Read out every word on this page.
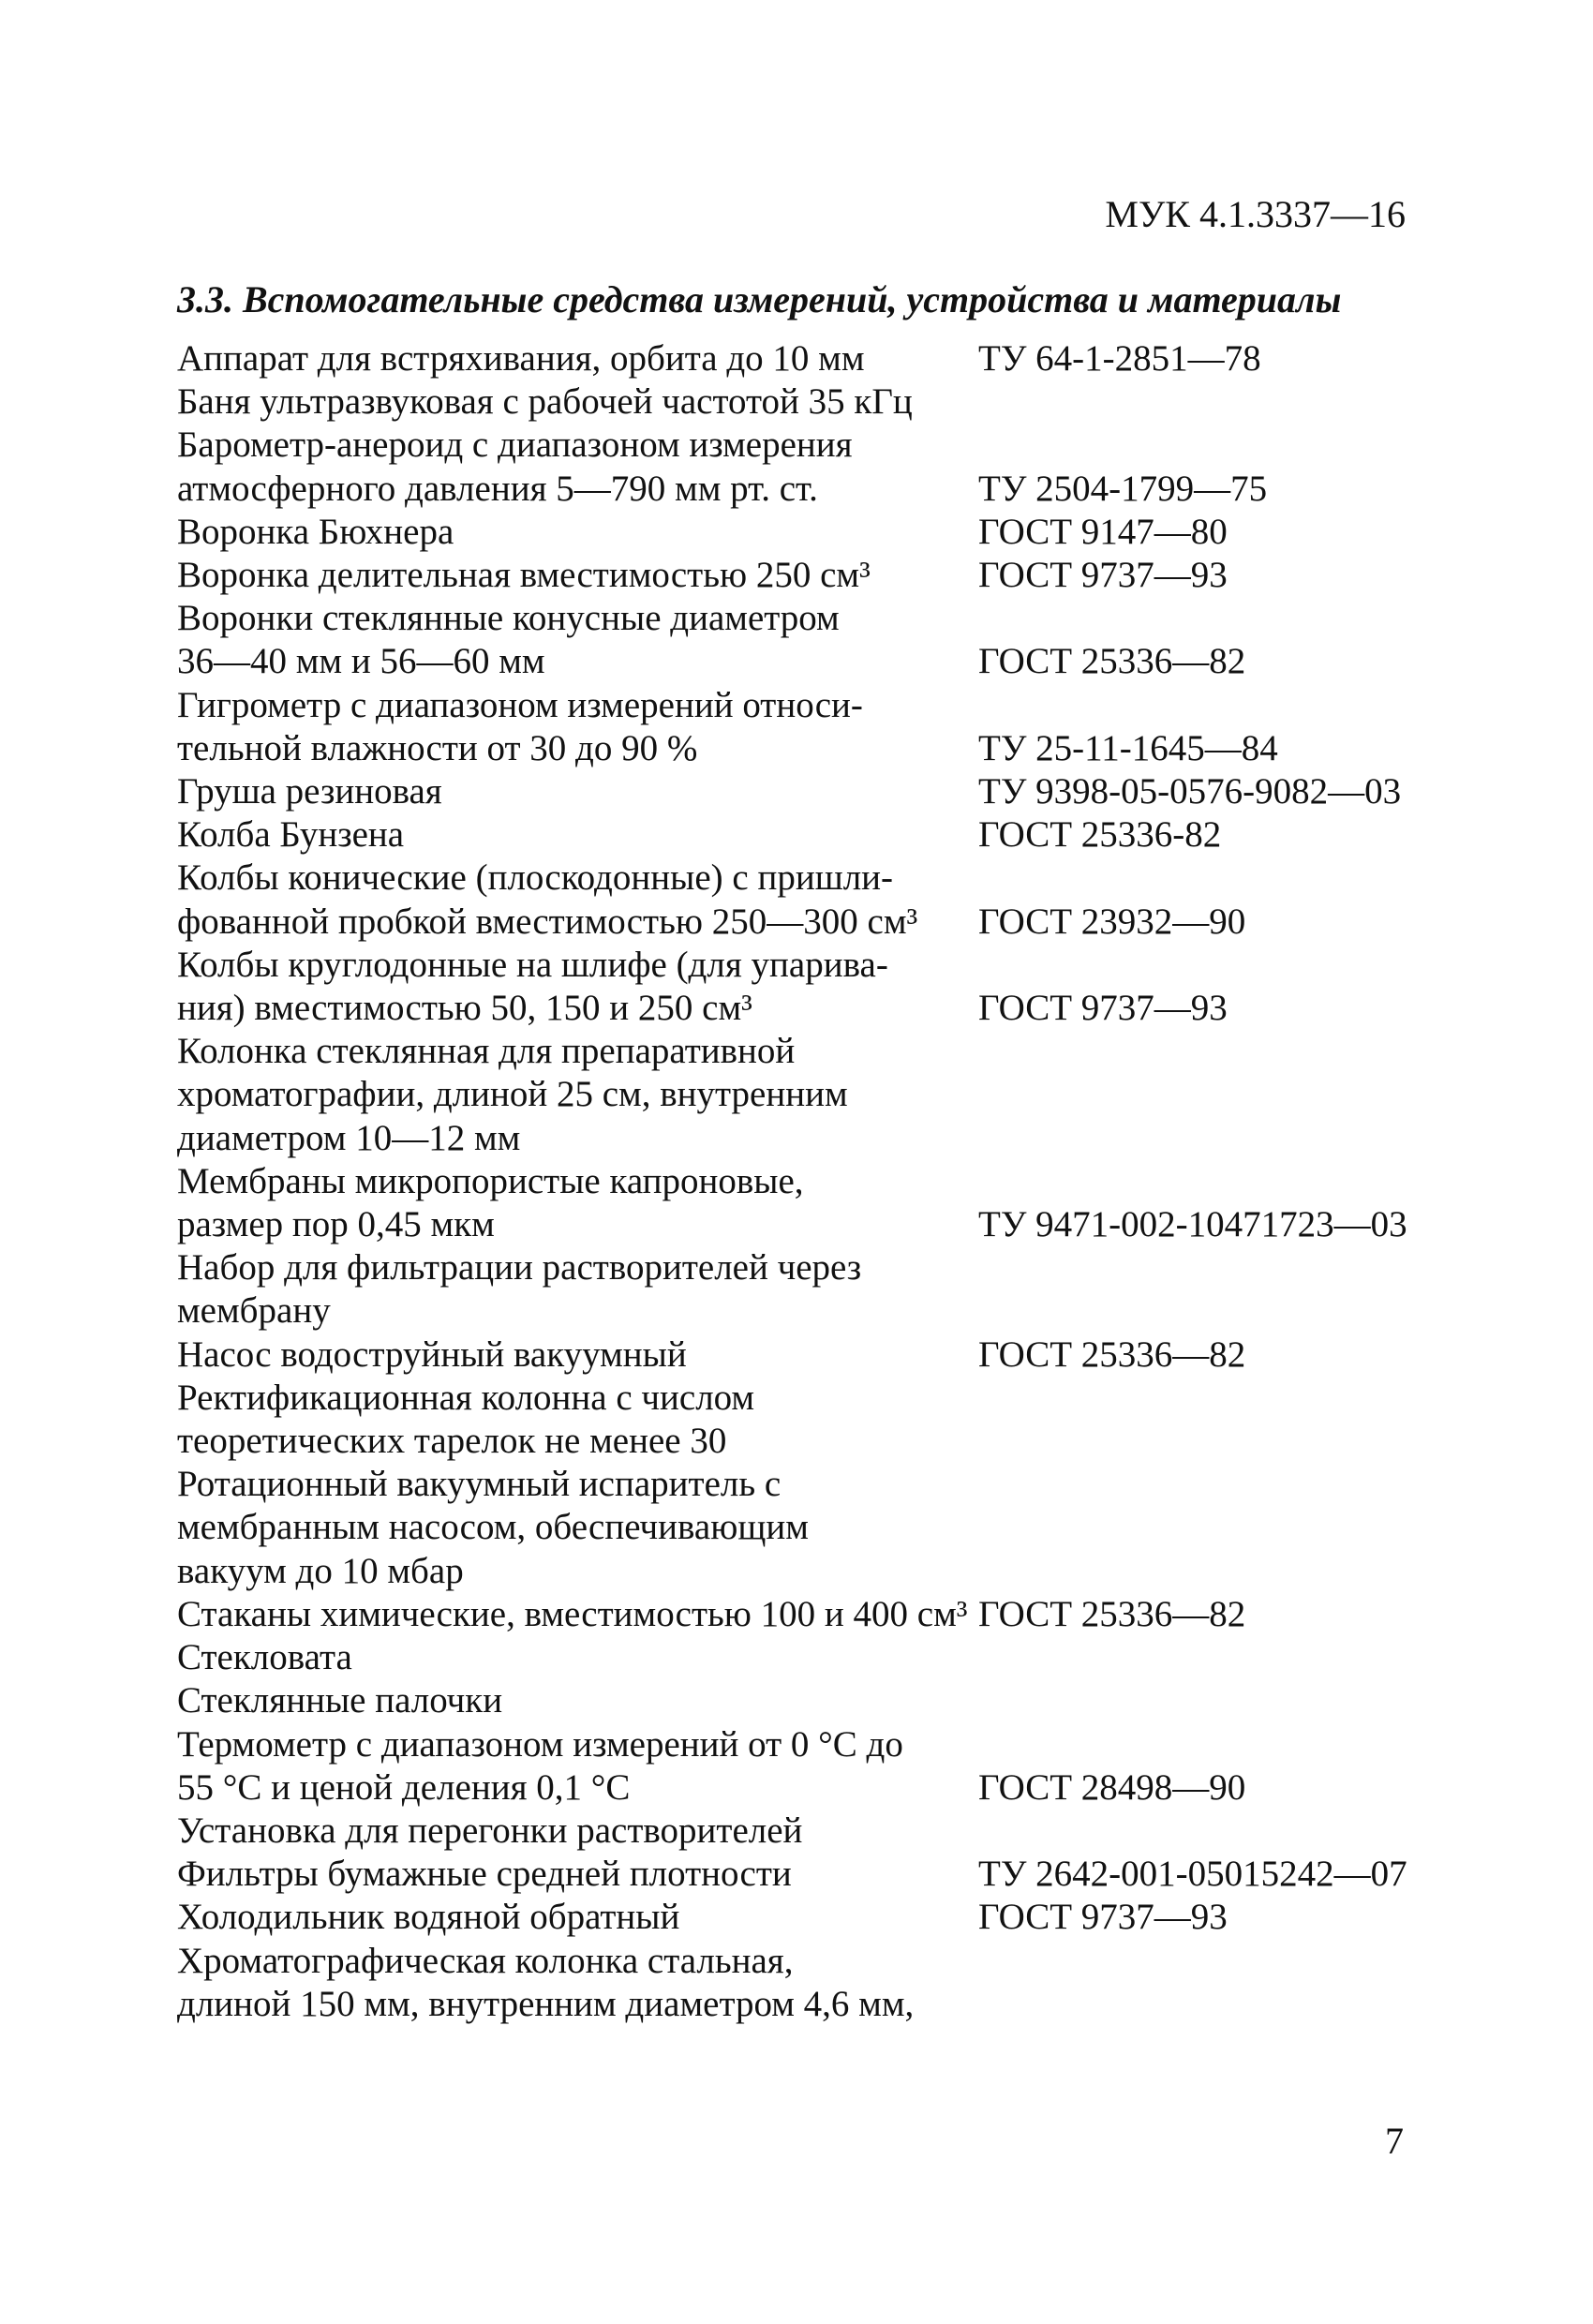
МУК 4.1.3337—16
3.3. Вспомогательные средства измерений, устройства и материалы
Аппарат для встряхивания, орбита до 10 мм	ТУ 64-1-2851—78
Баня ультразвуковая с рабочей частотой 35 кГц
Барометр-анероид с диапазоном измерения
атмосферного давления 5—790 мм рт. ст.	ТУ 2504-1799—75
Воронка Бюхнера	ГОСТ 9147—80
Воронка делительная вместимостью 250 см³	ГОСТ 9737—93
Воронки стеклянные конусные диаметром
36—40 мм и 56—60 мм	ГОСТ 25336—82
Гигрометр с диапазоном измерений относи-
тельной влажности от 30 до 90 %	ТУ 25-11-1645—84
Груша резиновая	ТУ 9398-05-0576-9082—03
Колба Бунзена	ГОСТ 25336-82
Колбы конические (плоскодонные) с пришли-
фованной пробкой вместимостью 250—300 см³	ГОСТ 23932—90
Колбы круглодонные на шлифе (для упарива-
ния) вместимостью 50, 150 и 250 см³	ГОСТ 9737—93
Колонка стеклянная для препаративной
хроматографии, длиной 25 см, внутренним
диаметром 10—12 мм
Мембраны микропористые капроновые,
размер пор 0,45 мкм	ТУ 9471-002-10471723—03
Набор для фильтрации растворителей через
мембрану
Насос водоструйный вакуумный	ГОСТ 25336—82
Ректификационная колонна с числом
теоретических тарелок не менее 30
Ротационный вакуумный испаритель с
мембранным насосом, обеспечивающим
вакуум до 10 мбар
Стаканы химические, вместимостью 100 и 400 см³ ГОСТ 25336—82
Стекловата
Стеклянные палочки
Термометр с диапазоном измерений от 0 °С до
55 °С и ценой деления 0,1 °С	ГОСТ 28498—90
Установка для перегонки растворителей
Фильтры бумажные средней плотности	ТУ 2642-001-05015242—07
Холодильник водяной обратный	ГОСТ 9737—93
Хроматографическая колонка стальная,
длиной 150 мм, внутренним диаметром 4,6 мм,
7
